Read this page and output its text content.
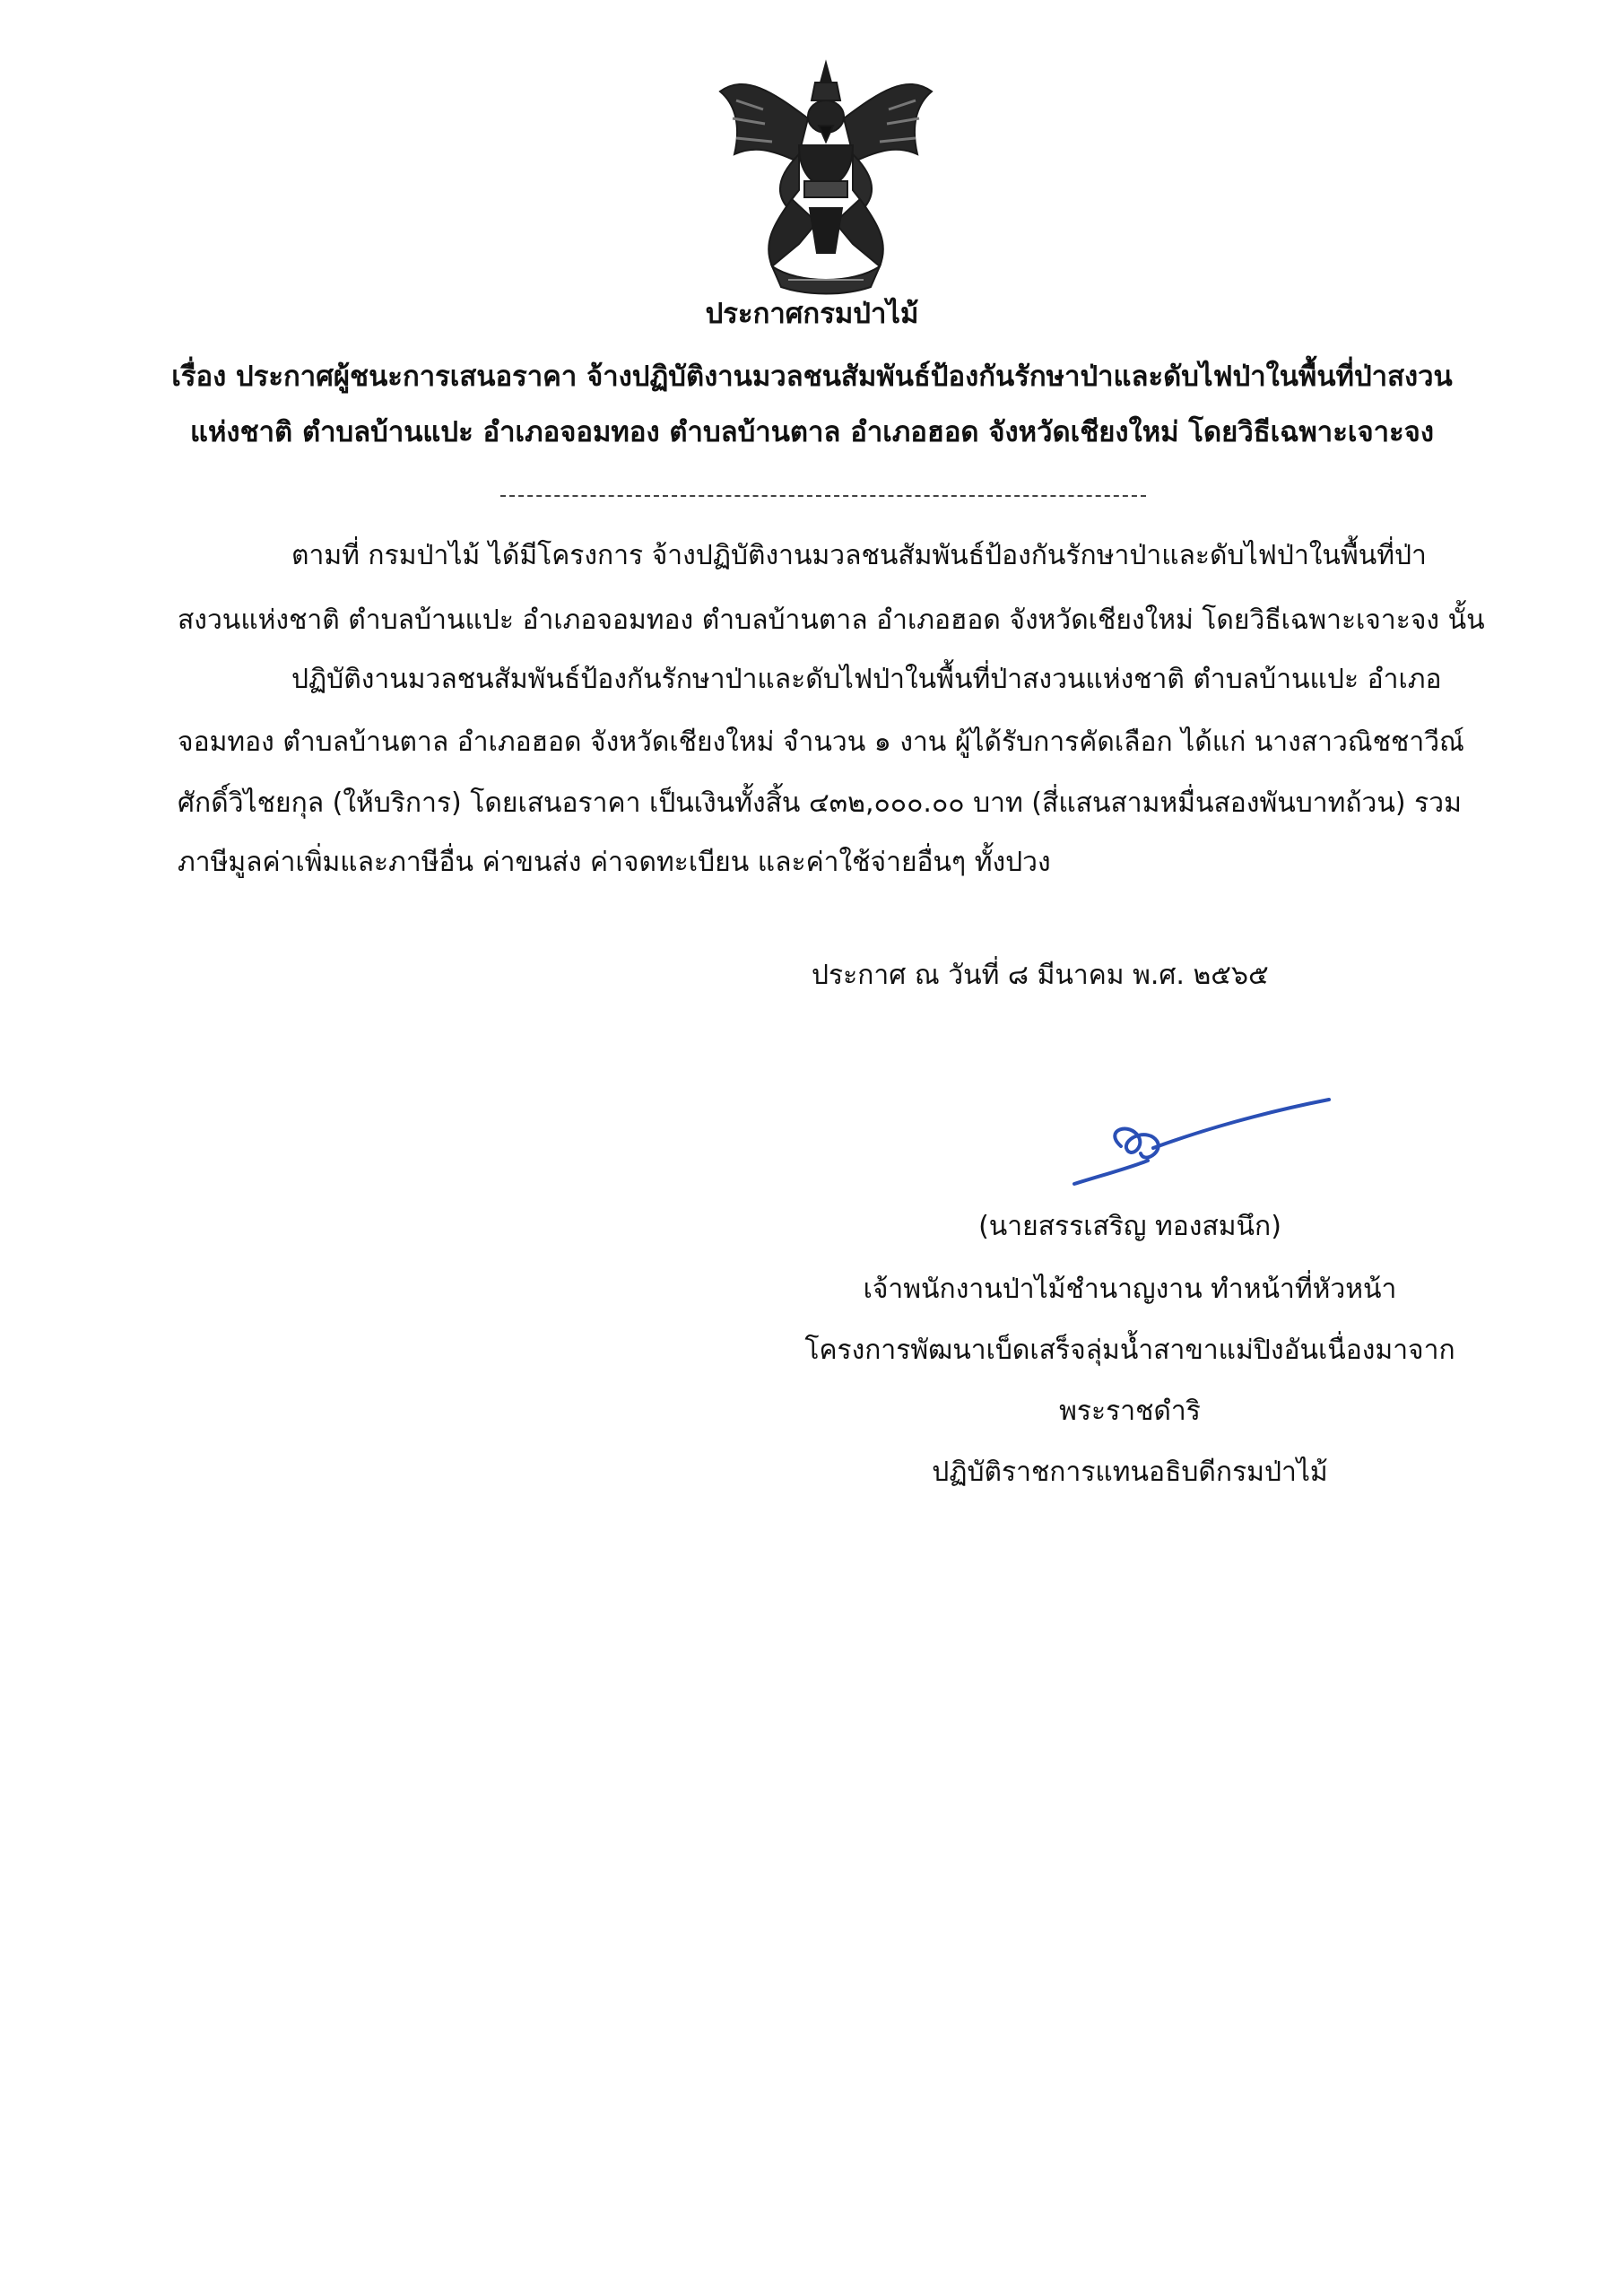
ประกาศกรมป่าไม้
เรื่อง ประกาศผู้ชนะการเสนอราคา จ้างปฏิบัติงานมวลชนสัมพันธ์ป้องกันรักษาป่าและดับไฟป่าในพื้นที่ป่าสงวน
แห่งชาติ ตำบลบ้านแปะ อำเภอจอมทอง ตำบลบ้านตาล อำเภอฮอด จังหวัดเชียงใหม่ โดยวิธีเฉพาะเจาะจง
ตามที่ กรมป่าไม้ ได้มีโครงการ จ้างปฏิบัติงานมวลชนสัมพันธ์ป้องกันรักษาป่าและดับไฟป่าในพื้นที่ป่า
สงวนแห่งชาติ ตำบลบ้านแปะ อำเภอจอมทอง ตำบลบ้านตาล อำเภอฮอด จังหวัดเชียงใหม่ โดยวิธีเฉพาะเจาะจง นั้น
ปฏิบัติงานมวลชนสัมพันธ์ป้องกันรักษาป่าและดับไฟป่าในพื้นที่ป่าสงวนแห่งชาติ ตำบลบ้านแปะ อำเภอ
จอมทอง ตำบลบ้านตาล อำเภอฮอด จังหวัดเชียงใหม่ จำนวน ๑ งาน ผู้ได้รับการคัดเลือก ได้แก่ นางสาวณิชชาวีณ์
ศักดิ์วิไชยกุล (ให้บริการ) โดยเสนอราคา เป็นเงินทั้งสิ้น ๔๓๒,๐๐๐.๐๐ บาท (สี่แสนสามหมื่นสองพันบาทถ้วน) รวม
ภาษีมูลค่าเพิ่มและภาษีอื่น ค่าขนส่ง ค่าจดทะเบียน และค่าใช้จ่ายอื่นๆ ทั้งปวง
ประกาศ ณ วันที่ ๘ มีนาคม พ.ศ. ๒๕๖๕
(นายสรรเสริญ ทองสมนึก)
เจ้าพนักงานป่าไม้ชำนาญงาน ทำหน้าที่หัวหน้า
โครงการพัฒนาเบ็ดเสร็จลุ่มน้ำสาขาแม่ปิงอันเนื่องมาจาก
พระราชดำริ
ปฏิบัติราชการแทนอธิบดีกรมป่าไม้
